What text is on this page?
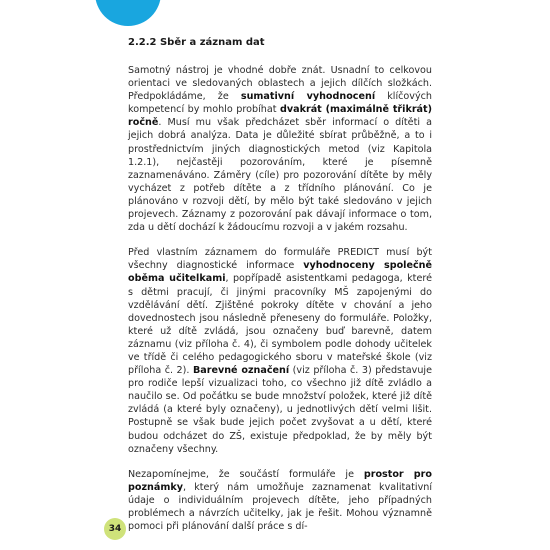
2.2.2 Sběr a záznam dat

Samotný nástroj je vhodné dobře znát. Usnadní to celkovou orientaci ve sledovaných oblastech a jejich dílčích složkách. Předpokládáme, že sumativní vyhodnocení klíčových kompetencí by mohlo probíhat dvakrát (maximálně třikrát) ročně. Musí mu však předcházet sběr informací o dítěti a jejich dobrá analýza. Data je důležité sbírat průběžně, a to i prostřednictvím jiných diagnostických metod (viz Kapitola 1.2.1), nejčastěji pozorováním, které je písemně zaznamenáváno. Záměry (cíle) pro pozorování dítěte by měly vycházet z potřeb dítěte a z třídního plánování. Co je plánováno v rozvoji dětí, by mělo být také sledováno v jejich projevech. Záznamy z pozorování pak dávají informace o tom, zda u dětí dochází k žádoucímu rozvoji a v jakém rozsahu.

Před vlastním záznamem do formuláře PREDICT musí být všechny diagnostické informace vyhodnoceny společně oběma učitelkami, popřípadě asistentkami pedagoga, které s dětmi pracují, či jinými pracovníky MŠ zapojenými do vzdělávání dětí. Zjištěné pokroky dítěte v chování a jeho dovednostech jsou následně přeneseny do formuláře. Položky, které už dítě zvládá, jsou označeny buď barevně, datem záznamu (viz příloha č. 4), či symbolem podle dohody učitelek ve třídě či celého pedagogického sboru v mateřské škole (viz příloha č. 2). Barevné označení (viz příloha č. 3) představuje pro rodiče lepší vizualizaci toho, co všechno již dítě zvládlo a naučilo se. Od počátku se bude množství položek, které již dítě zvládá (a které byly označeny), u jednotlivých dětí velmi lišit. Postupně se však bude jejich počet zvyšovat a u dětí, které budou odcházet do ZŠ, existuje předpoklad, že by měly být označeny všechny.

Nezapomínejme, že součástí formuláře je prostor pro poznámky, který nám umožňuje zaznamenat kvalitativní údaje o individuálním projevech dítěte, jeho případných problémech a návrzích učitelky, jak je řešit. Mohou významně pomoci při plánování další práce s dí-

34
